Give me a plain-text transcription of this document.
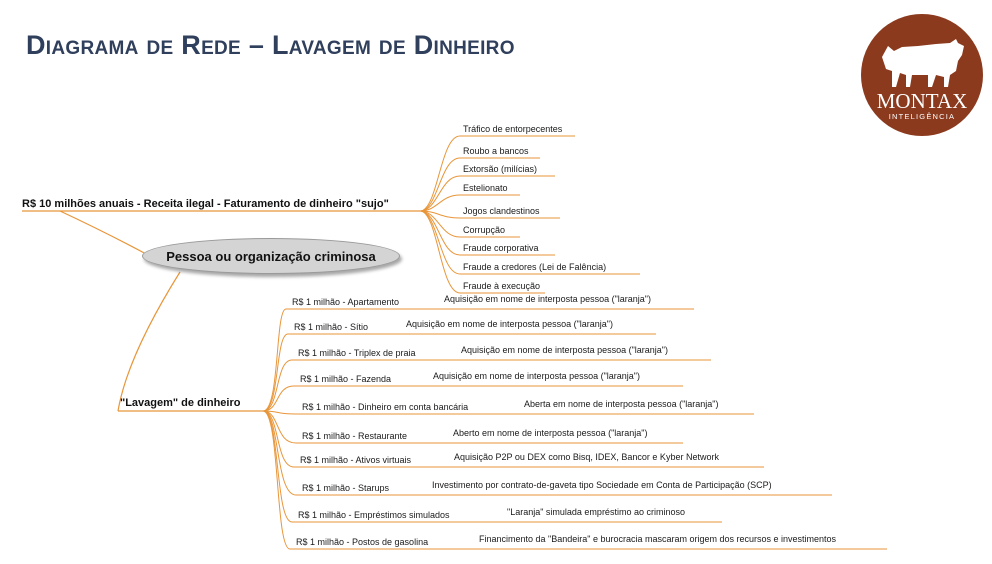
Diagrama de Rede – Lavagem de Dinheiro
MONTAX
INTELIGÊNCIA
Pessoa ou organização criminosa
R$ 10 milhões anuais - Receita ilegal - Faturamento de dinheiro "sujo"
"Lavagem" de dinheiro
Tráfico de entorpecentes
Roubo a bancos
Extorsão (milícias)
Estelionato
Jogos clandestinos
Corrupção
Fraude corporativa
Fraude a credores (Lei de Falência)
Fraude à execução
R$ 1 milhão - Apartamento	Aquisição em nome de interposta pessoa ("laranja")
R$ 1 milhão - Sítio	Aquisição em nome de interposta pessoa ("laranja")
R$ 1 milhão - Triplex de praia	Aquisição em nome de interposta pessoa ("laranja")
R$ 1 milhão - Fazenda	Aquisição em nome de interposta pessoa ("laranja")
R$ 1 milhão - Dinheiro em conta bancária	Aberta em nome de interposta pessoa ("laranja")
R$ 1 milhão - Restaurante	Aberto em nome de interposta pessoa ("laranja")
R$ 1 milhão - Ativos virtuais	Aquisição P2P ou DEX como Bisq, IDEX, Bancor e Kyber Network
R$ 1 milhão - Starups	Investimento por contrato-de-gaveta tipo Sociedade em Conta de Participação (SCP)
R$ 1 milhão - Empréstimos simulados	"Laranja" simulada empréstimo ao criminoso
R$ 1 milhão - Postos de gasolina	Financimento da "Bandeira" e burocracia mascaram origem dos recursos e investimentos
